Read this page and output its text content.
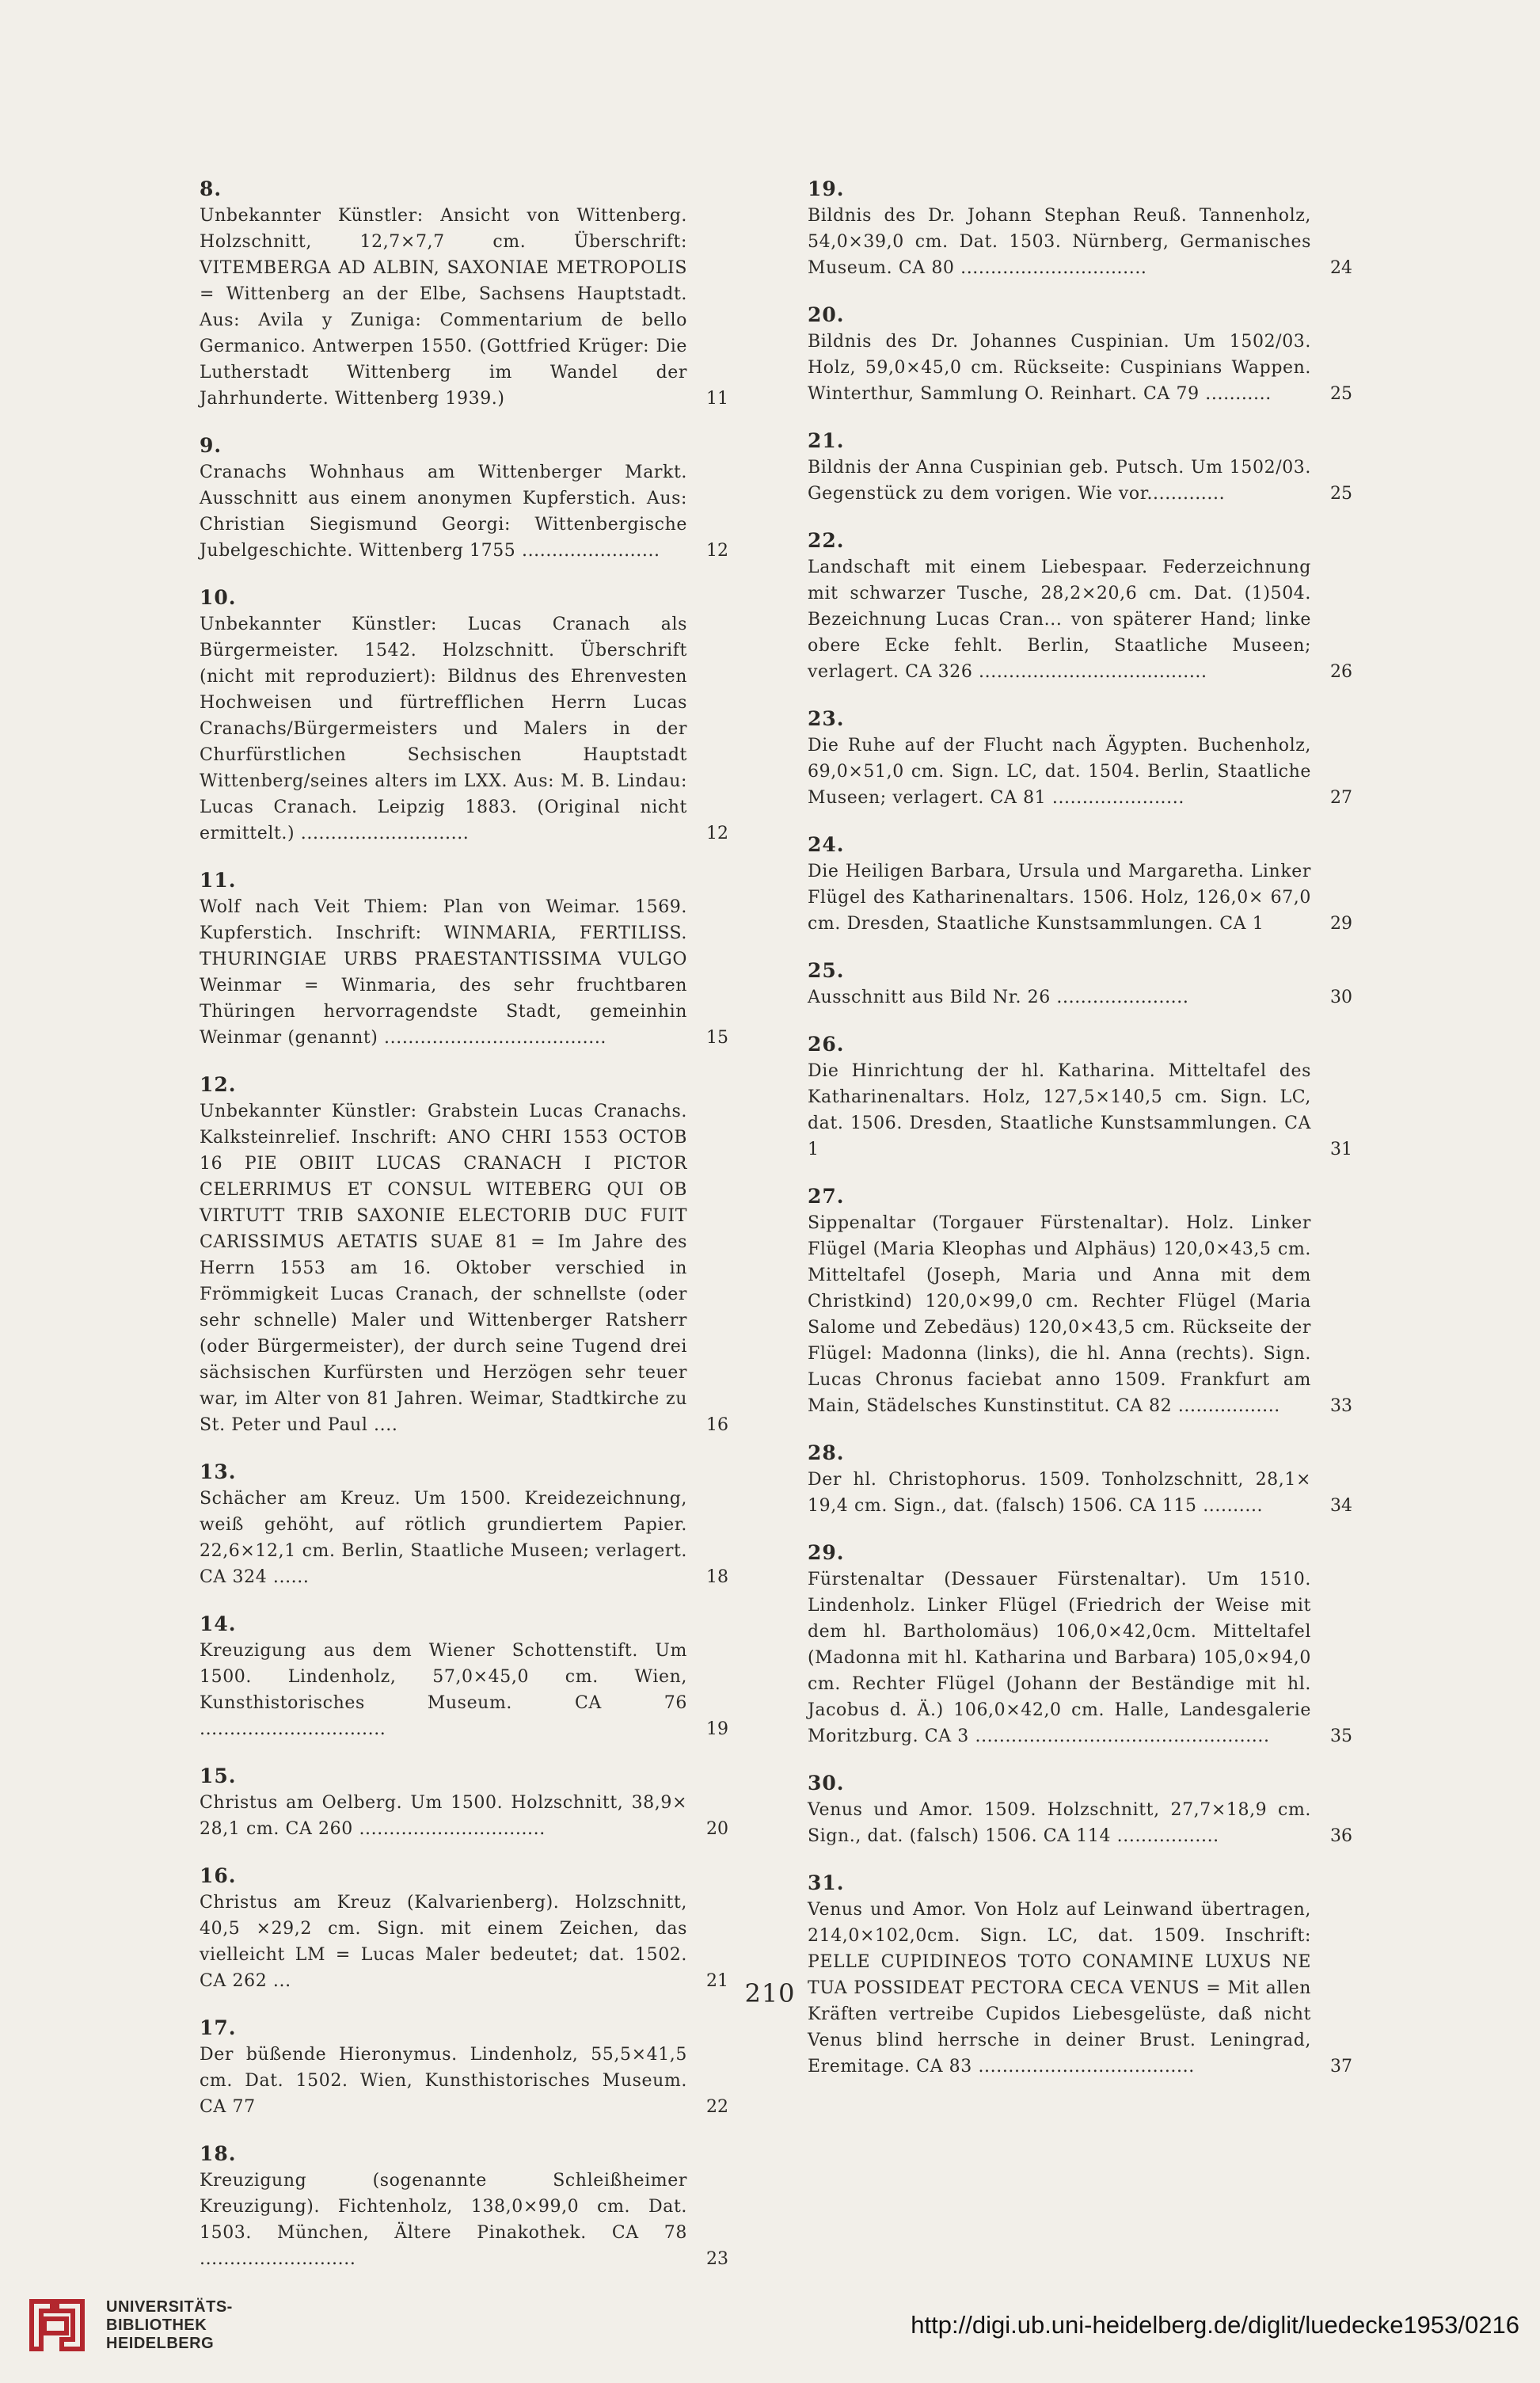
8.
Unbekannter Künstler: Ansicht von Wittenberg. Holzschnitt, 12,7×7,7 cm. Überschrift: VITEMBERGA AD ALBIN, SAXONIAE METROPOLIS = Wittenberg an der Elbe, Sachsens Hauptstadt. Aus: Avila y Zuniga: Commentarium de bello Germanico. Antwerpen 1550. (Gottfried Krüger: Die Lutherstadt Wittenberg im Wandel der Jahrhunderte. Wittenberg 1939.)	11
9.
Cranachs Wohnhaus am Wittenberger Markt. Ausschnitt aus einem anonymen Kupferstich. Aus: Christian Siegismund Georgi: Wittenbergische Jubelgeschichte. Wittenberg 1755 .......................	12
10.
Unbekannter Künstler: Lucas Cranach als Bürgermeister. 1542. Holzschnitt. Überschrift (nicht mit reproduziert): Bildnus des Ehrenvesten Hochweisen und fürtrefflichen Herrn Lucas Cranachs/Bürgermeisters und Malers in der Churfürstlichen Sechsischen Hauptstadt Wittenberg/seines alters im LXX. Aus: M. B. Lindau: Lucas Cranach. Leipzig 1883. (Original nicht ermittelt.) ............................	12
11.
Wolf nach Veit Thiem: Plan von Weimar. 1569. Kupferstich. Inschrift: WINMARIA, FERTILISS. THURINGIAE URBS PRAESTANTISSIMA VULGO Weinmar = Winmaria, des sehr fruchtbaren Thüringen hervorragendste Stadt, gemeinhin Weinmar (genannt) .....................................	15
12.
Unbekannter Künstler: Grabstein Lucas Cranachs. Kalksteinrelief. Inschrift: ANO CHRI 1553 OCTOB 16 PIE OBIIT LUCAS CRANACH I PICTOR CELERRIMUS ET CONSUL WITEBERG QUI OB VIRTUTT TRIB SAXONIE ELECTORIB DUC FUIT CARISSIMUS AETATIS SUAE 81 = Im Jahre des Herrn 1553 am 16. Oktober verschied in Frömmigkeit Lucas Cranach, der schnellste (oder sehr schnelle) Maler und Wittenberger Ratsherr (oder Bürgermeister), der durch seine Tugend drei sächsischen Kurfürsten und Herzögen sehr teuer war, im Alter von 81 Jahren. Weimar, Stadtkirche zu St. Peter und Paul ....	16
13.
Schächer am Kreuz. Um 1500. Kreidezeichnung, weiß gehöht, auf rötlich grundiertem Papier. 22,6×12,1 cm. Berlin, Staatliche Museen; verlagert. CA 324 ......	18
14.
Kreuzigung aus dem Wiener Schottenstift. Um 1500. Lindenholz, 57,0×45,0 cm. Wien, Kunsthistorisches Museum. CA 76 ...............................	19
15.
Christus am Oelberg. Um 1500. Holzschnitt, 38,9× 28,1 cm. CA 260 ...............................	20
16.
Christus am Kreuz (Kalvarienberg). Holzschnitt, 40,5 ×29,2 cm. Sign. mit einem Zeichen, das vielleicht LM = Lucas Maler bedeutet; dat. 1502. CA 262 ...	21
17.
Der büßende Hieronymus. Lindenholz, 55,5×41,5 cm. Dat. 1502. Wien, Kunsthistorisches Museum. CA 77	22
18.
Kreuzigung (sogenannte Schleißheimer Kreuzigung). Fichtenholz, 138,0×99,0 cm. Dat. 1503. München, Ältere Pinakothek. CA 78 ..........................	23
19.
Bildnis des Dr. Johann Stephan Reuß. Tannenholz, 54,0×39,0 cm. Dat. 1503. Nürnberg, Germanisches Museum. CA 80 ...............................	24
20.
Bildnis des Dr. Johannes Cuspinian. Um 1502/03. Holz, 59,0×45,0 cm. Rückseite: Cuspinians Wappen. Winterthur, Sammlung O. Reinhart. CA 79 ...........	25
21.
Bildnis der Anna Cuspinian geb. Putsch. Um 1502/03. Gegenstück zu dem vorigen. Wie vor.............	25
22.
Landschaft mit einem Liebespaar. Federzeichnung mit schwarzer Tusche, 28,2×20,6 cm. Dat. (1)504. Bezeichnung Lucas Cran... von späterer Hand; linke obere Ecke fehlt. Berlin, Staatliche Museen; verlagert. CA 326 ......................................	26
23.
Die Ruhe auf der Flucht nach Ägypten. Buchenholz, 69,0×51,0 cm. Sign. LC, dat. 1504. Berlin, Staatliche Museen; verlagert. CA 81 ......................	27
24.
Die Heiligen Barbara, Ursula und Margaretha. Linker Flügel des Katharinenaltars. 1506. Holz, 126,0× 67,0 cm. Dresden, Staatliche Kunstsammlungen. CA 1	29
25.
Ausschnitt aus Bild Nr. 26 ......................	30
26.
Die Hinrichtung der hl. Katharina. Mitteltafel des Katharinenaltars. Holz, 127,5×140,5 cm. Sign. LC, dat. 1506. Dresden, Staatliche Kunstsammlungen. CA 1	31
27.
Sippenaltar (Torgauer Fürstenaltar). Holz. Linker Flügel (Maria Kleophas und Alphäus) 120,0×43,5 cm. Mitteltafel (Joseph, Maria und Anna mit dem Christkind) 120,0×99,0 cm. Rechter Flügel (Maria Salome und Zebedäus) 120,0×43,5 cm. Rückseite der Flügel: Madonna (links), die hl. Anna (rechts). Sign. Lucas Chronus faciebat anno 1509. Frankfurt am Main, Städelsches Kunstinstitut. CA 82 .................	33
28.
Der hl. Christophorus. 1509. Tonholzschnitt, 28,1× 19,4 cm. Sign., dat. (falsch) 1506. CA 115 ..........	34
29.
Fürstenaltar (Dessauer Fürstenaltar). Um 1510. Lindenholz. Linker Flügel (Friedrich der Weise mit dem hl. Bartholomäus) 106,0×42,0cm. Mitteltafel (Madonna mit hl. Katharina und Barbara) 105,0×94,0 cm. Rechter Flügel (Johann der Beständige mit hl. Jacobus d. Ä.) 106,0×42,0 cm. Halle, Landesgalerie Moritzburg. CA 3 .................................................	35
30.
Venus und Amor. 1509. Holzschnitt, 27,7×18,9 cm. Sign., dat. (falsch) 1506. CA 114 .................	36
31.
Venus und Amor. Von Holz auf Leinwand übertragen, 214,0×102,0cm. Sign. LC, dat. 1509. Inschrift: PELLE CUPIDINEOS TOTO CONAMINE LUXUS NE TUA POSSIDEAT PECTORA CECA VENUS = Mit allen Kräften vertreibe Cupidos Liebesgelüste, daß nicht Venus blind herrsche in deiner Brust. Leningrad, Eremitage. CA 83 ....................................	37
210
UNIVERSITÄTS-
BIBLIOTHEK
HEIDELBERG
http://digi.ub.uni-heidelberg.de/diglit/luedecke1953/0216
